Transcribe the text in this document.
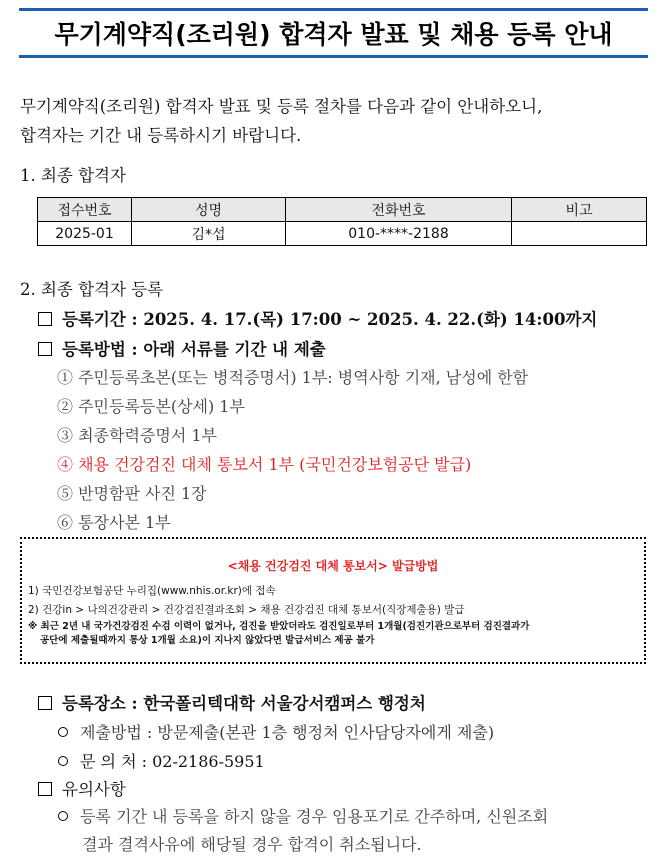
무기계약직(조리원) 합격자 발표 및 채용 등록 안내
무기계약직(조리원) 합격자 발표 및 등록 절차를 다음과 같이 안내하오니,
합격자는 기간 내 등록하시기 바랍니다.
1. 최종 합격자
접수번호	성명	전화번호	비고
2025-01	김*섭	010-****-2188	
2. 최종 합격자 등록
등록기간 : 2025. 4. 17.(목) 17:00 ~ 2025. 4. 22.(화) 14:00까지
등록방법 : 아래 서류를 기간 내 제출
① 주민등록초본(또는 병적증명서) 1부: 병역사항 기재, 남성에 한함
② 주민등록등본(상세) 1부
③ 최종학력증명서 1부
④ 채용 건강검진 대체 통보서 1부 (국민건강보험공단 발급)
⑤ 반명함판 사진 1장
⑥ 통장사본 1부
<채용 건강검진 대체 통보서> 발급방법
1) 국민건강보험공단 누리집(www.nhis.or.kr)에 접속
2) 건강in > 나의건강관리 > 건강검진결과조회 > 채용 건강검진 대체 통보서(직장제출용) 발급
※ 최근 2년 내 국가건강검진 수검 이력이 없거나, 검진을 받았더라도 검진일로부터 1개월(검진기관으로부터 검진결과가
공단에 제출될때까지 통상 1개월 소요)이 지나지 않았다면 발급서비스 제공 불가
등록장소 : 한국폴리텍대학 서울강서캠퍼스 행정처
제출방법 : 방문제출(본관 1층 행정처 인사담당자에게 제출)
문 의 처 : 02-2186-5951
유의사항
등록 기간 내 등록을 하지 않을 경우 임용포기로 간주하며, 신원조회
결과 결격사유에 해당될 경우 합격이 취소됩니다.
